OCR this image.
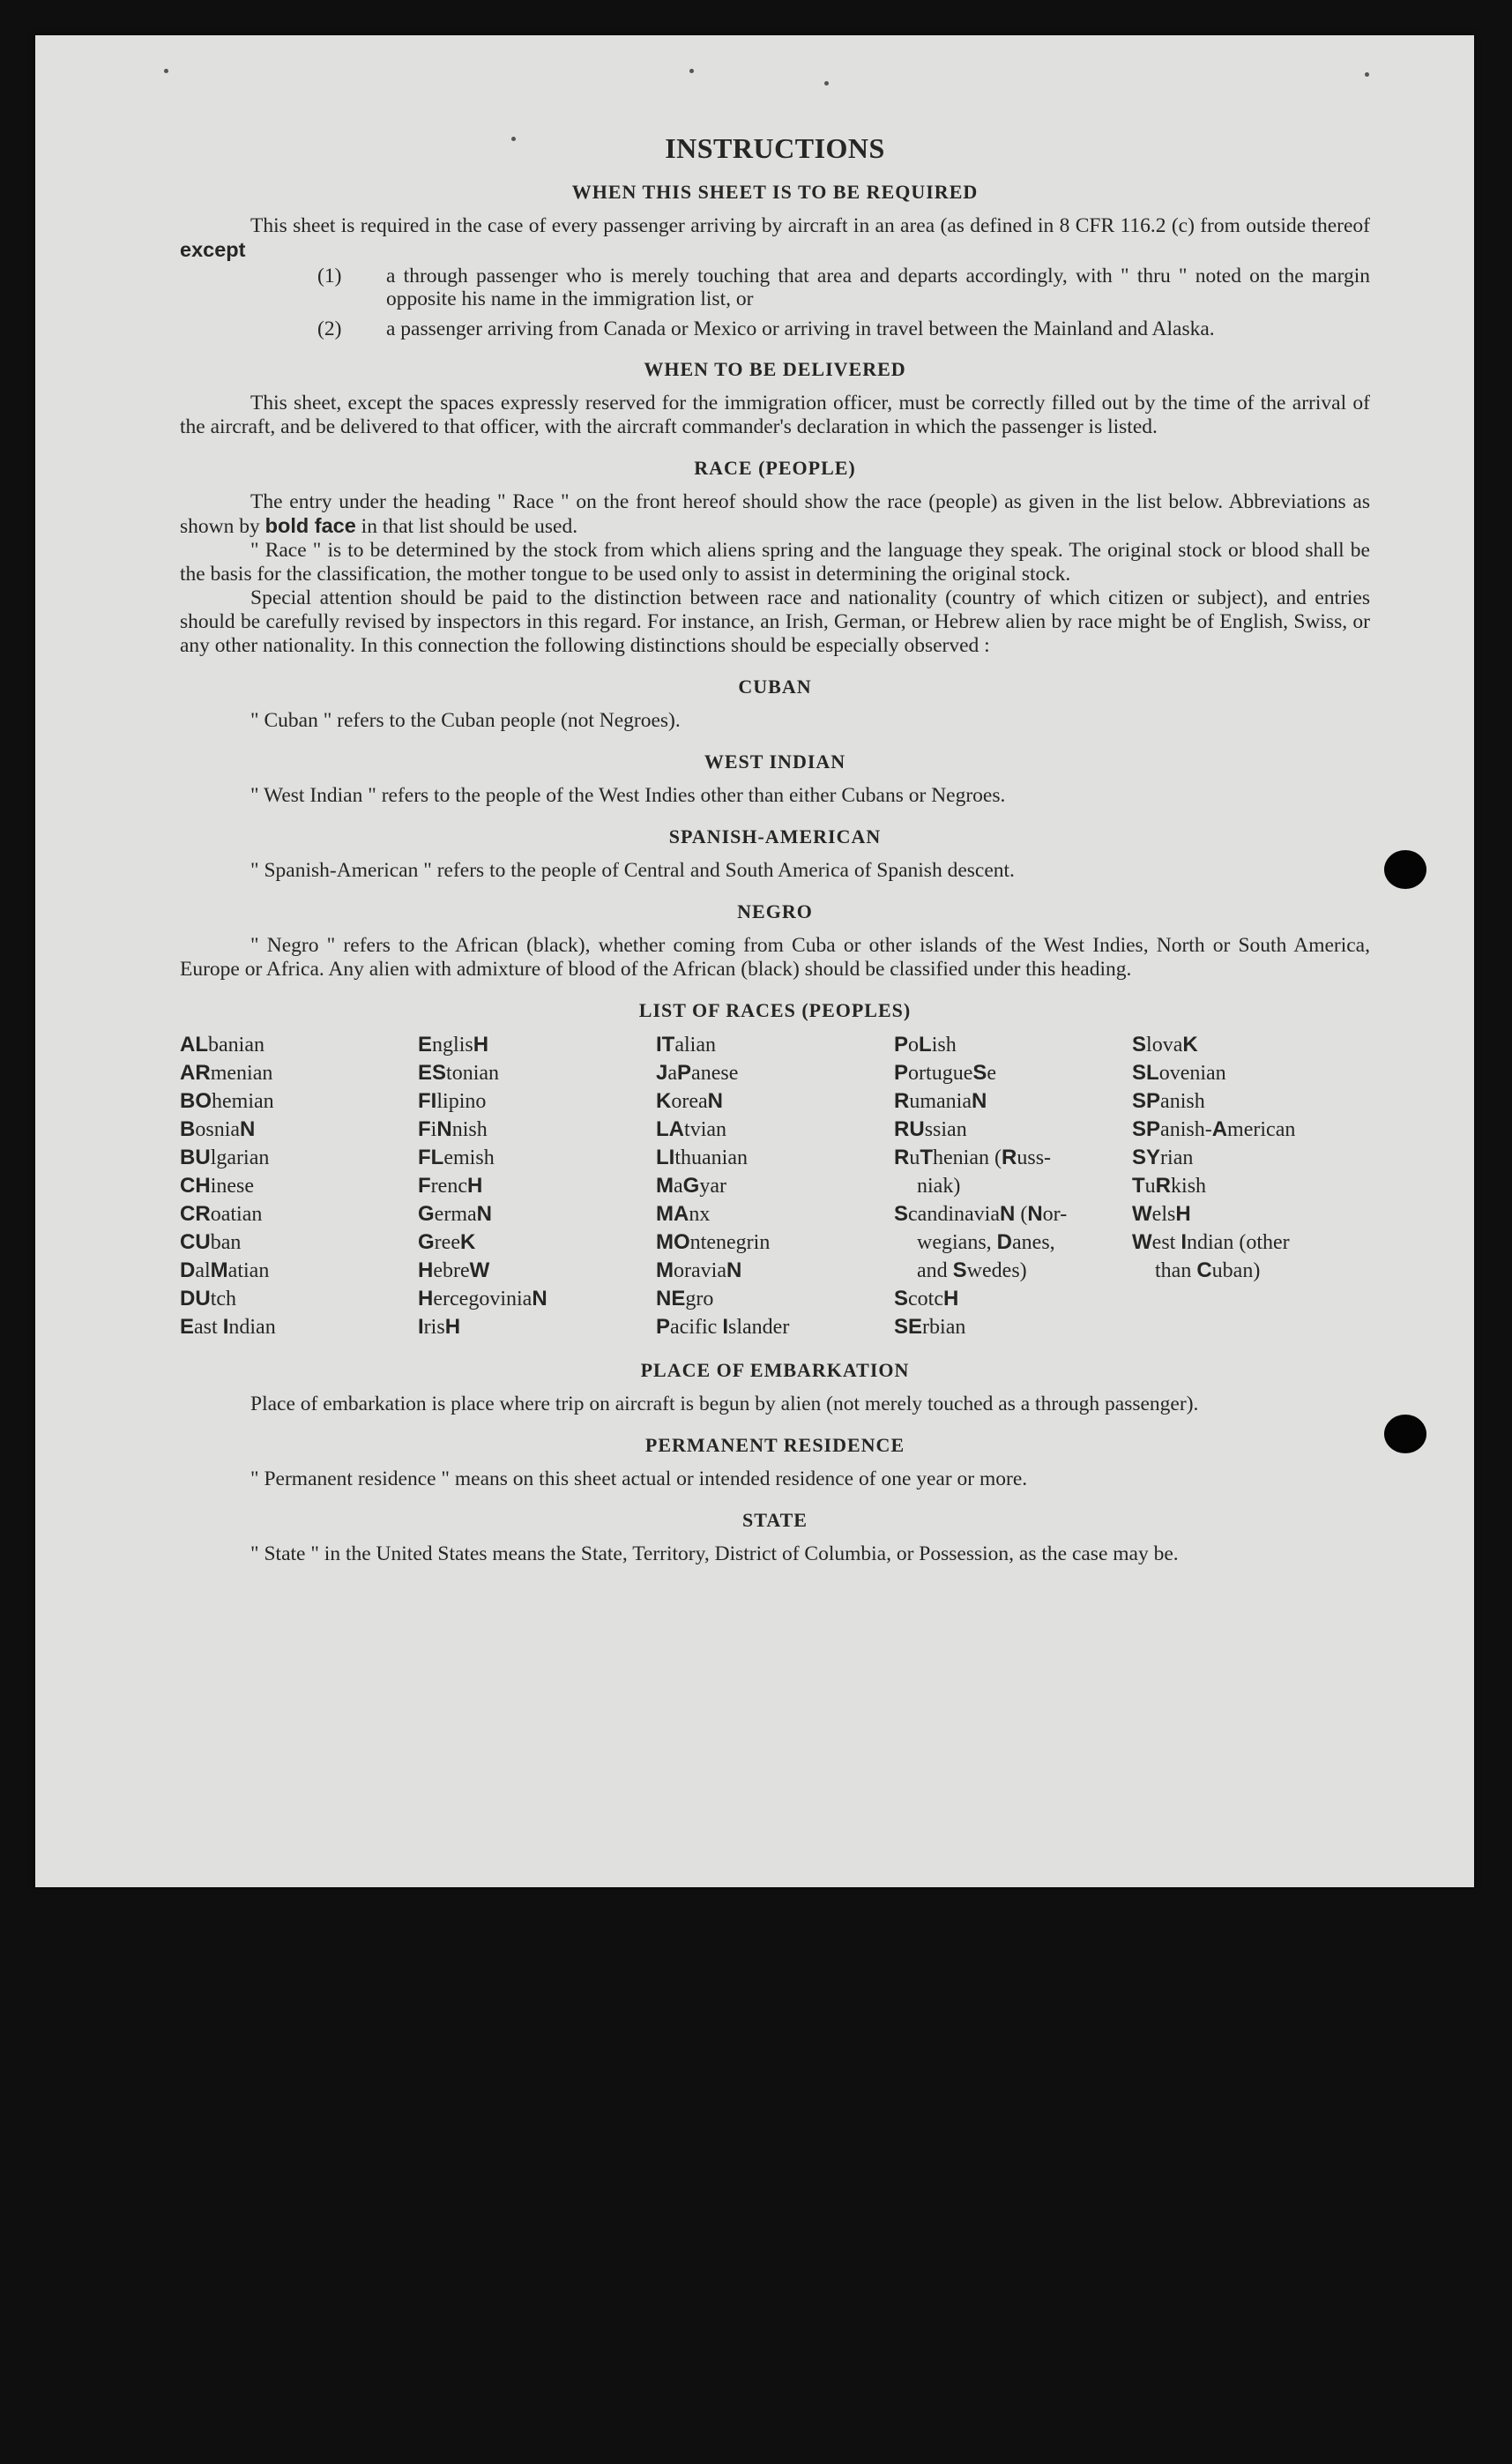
INSTRUCTIONS
WHEN THIS SHEET IS TO BE REQUIRED

This sheet is required in the case of every passenger arriving by aircraft in an area (as defined in 8 CFR 116.2 (c) from outside thereof except

(1) a through passenger who is merely touching that area and departs accordingly, with " thru " noted on the margin opposite his name in the immigration list, or
(2) a passenger arriving from Canada or Mexico or arriving in travel between the Mainland and Alaska.
WHEN TO BE DELIVERED

This sheet, except the spaces expressly reserved for the immigration officer, must be correctly filled out by the time of the arrival of the aircraft, and be delivered to that officer, with the aircraft commander's declaration in which the passenger is listed.

RACE (PEOPLE)

The entry under the heading " Race " on the front hereof should show the race (people) as given in the list below. Abbreviations as shown by bold face in that list should be used.

" Race " is to be determined by the stock from which aliens spring and the language they speak. The original stock or blood shall be the basis for the classification, the mother tongue to be used only to assist in determining the original stock.

Special attention should be paid to the distinction between race and nationality (country of which citizen or subject), and entries should be carefully revised by inspectors in this regard. For instance, an Irish, German, or Hebrew alien by race might be of English, Swiss, or any other nationality. In this connection the following distinctions should be especially observed :

CUBAN

" Cuban " refers to the Cuban people (not Negroes).

WEST INDIAN

" West Indian " refers to the people of the West Indies other than either Cubans or Negroes.

SPANISH-AMERICAN

" Spanish-American " refers to the people of Central and South America of Spanish descent.

NEGRO

" Negro " refers to the African (black), whether coming from Cuba or other islands of the West Indies, North or South America, Europe or Africa. Any alien with admixture of blood of the African (black) should be classified under this heading.

LIST OF RACES (PEOPLES)
ALbanian
ARmenian
BOhemian
BosniaN
BUlgarian
CHinese
CRoatian
CUban
DalMatian
DUtch
East Indian
EnglisH
EStonian
FIlipino
FiNnish
FLemish
FrencH
GermaN
GreeK
HebreW
HercegoviniaN
IrisH
ITalian
JaPanese
KoreaN
LAtvian
LIthuanian
MaGyar
MAnx
MOntenegrin
MoraviaN
NEgro
Pacific Islander
PoLish
PortugueSe
RumaniaN
RUssian
RuThenian (Russ-
niak)
ScandinaviaN (Nor-
wegians, Danes,
and Swedes)
ScotcH
SErbian
SlovaK
SLovenian
SPanish
SPanish-American
SYrian
TuRkish
WelsH
West Indian (other
than Cuban)
PLACE OF EMBARKATION

Place of embarkation is place where trip on aircraft is begun by alien (not merely touched as a through passenger).

PERMANENT RESIDENCE

" Permanent residence " means on this sheet actual or intended residence of one year or more.

STATE

" State " in the United States means the State, Territory, District of Columbia, or Possession, as the case may be.
